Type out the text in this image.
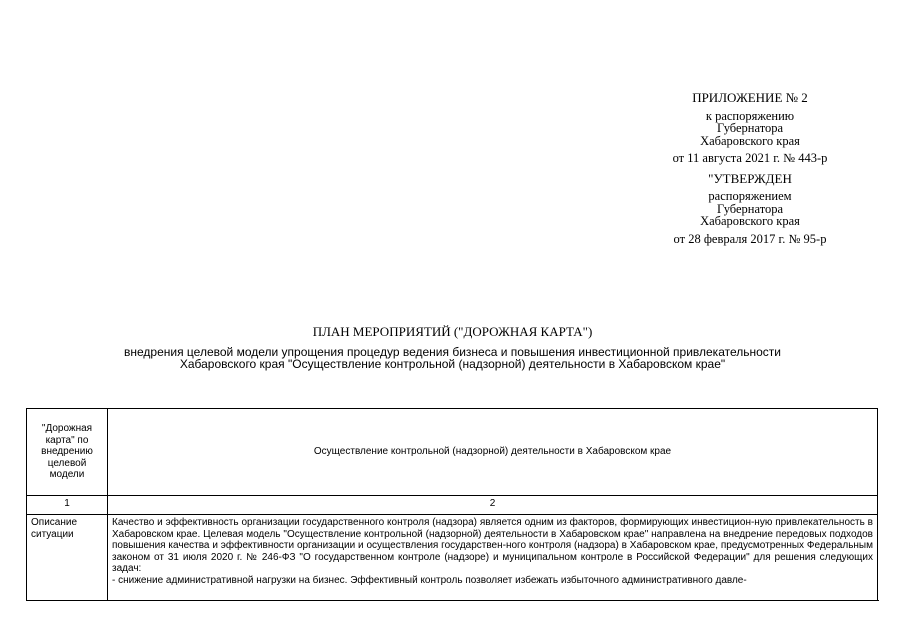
ПРИЛОЖЕНИЕ № 2
к распоряжению
Губернатора
Хабаровского края
от 11 августа 2021 г. № 443-р
"УТВЕРЖДЕН
распоряжением
Губернатора
Хабаровского края
от 28 февраля 2017 г. № 95-р
ПЛАН МЕРОПРИЯТИЙ ("ДОРОЖНАЯ КАРТА")
внедрения целевой модели упрощения процедур ведения бизнеса и повышения инвестиционной привлекательности
Хабаровского края "Осуществление контрольной (надзорной) деятельности в Хабаровском крае"
"Дорожная карта" по внедрению целевой модели	Осуществление контрольной (надзорной) деятельности в Хабаровском крае
1	2
Описание ситуации	Качество и эффективность организации государственного контроля (надзора) является одним из факторов, формирующих инвестицион-ную привлекательность в Хабаровском крае. Целевая модель "Осуществление контрольной (надзорной) деятельности в Хабаровском крае" направлена на внедрение передовых подходов повышения качества и эффективности организации и осуществления государствен-ного контроля (надзора) в Хабаровском крае, предусмотренных Федеральным законом от 31 июля 2020 г. № 246-ФЗ "О государственном контроле (надзоре) и муниципальном контроле в Российской Федерации" для решения следующих задач:
- снижение административной нагрузки на бизнес. Эффективный контроль позволяет избежать избыточного административного давле-
